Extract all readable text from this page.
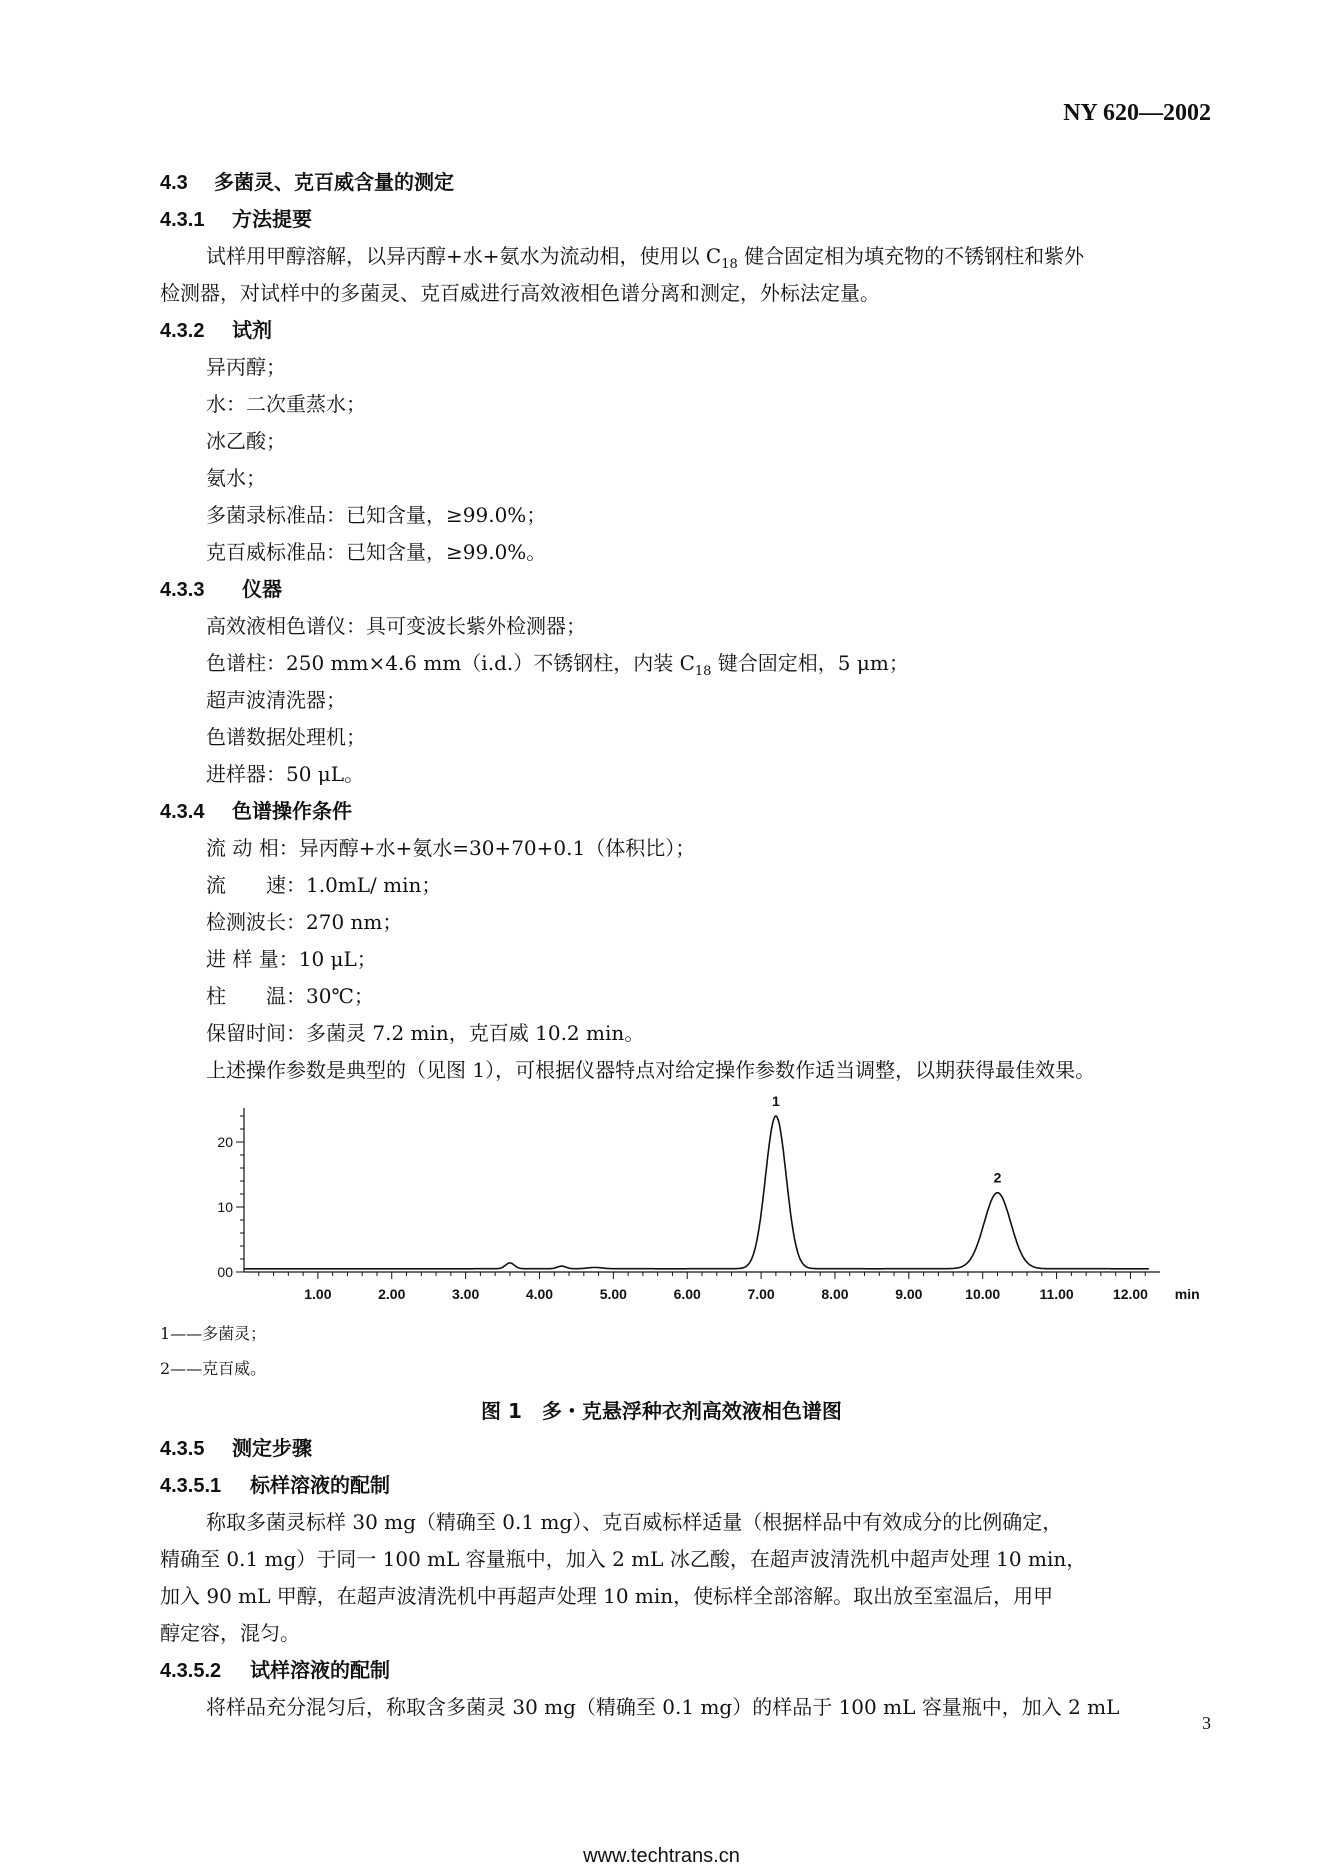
NY 620—2002
4.3 多菌灵、克百威含量的测定
4.3.1 方法提要
试样用甲醇溶解，以异丙醇+水+氨水为流动相，使用以 $C_{18}$ 健合固定相为填充物的不锈钢柱和紫外
检测器，对试样中的多菌灵、克百威进行高效液相色谱分离和测定，外标法定量。
4.3.2 试剂
异丙醇；
水：二次重蒸水；
冰乙酸；
氨水；
多菌录标准品：已知含量，≥99.0%；
克百威标准品：已知含量，≥99.0%。
4.3.3 仪器
高效液相色谱仪：具可变波长紫外检测器；
色谱柱：250 mm×4.6 mm（i.d.）不锈钢柱，内装 $C_{18}$ 键合固定相，5 μm；
超声波清洗器；
色谱数据处理机；
进样器：50 μL。
4.3.4 色谱操作条件
流 动 相：异丙醇+水+氨水=30+70+0.1（体积比）；
流　　速：1.0mL/ min；
检测波长：270 nm；
进 样 量：10 μL；
柱　　温：30℃；
保留时间：多菌灵 7.2 min，克百威 10.2 min。
上述操作参数是典型的（见图 1），可根据仪器特点对给定操作参数作适当调整，以期获得最佳效果。
1.00	2.00	3.00	4.00	5.00	6.00	7.00	8.00	9.00	10.00	11.00	12.00 min
00
10
20
1
2
1——多菌灵；
2——克百威。
图 1　多・克悬浮种衣剂高效液相色谱图
4.3.5 测定步骤
4.3.5.1 标样溶液的配制
称取多菌灵标样 30 mg（精确至 0.1 mg）、克百威标样适量（根据样品中有效成分的比例确定，
精确至 0.1 mg）于同一 100 mL 容量瓶中，加入 2 mL 冰乙酸，在超声波清洗机中超声处理 10 min，
加入 90 mL 甲醇，在超声波清洗机中再超声处理 10 min，使标样全部溶解。取出放至室温后，用甲
醇定容，混匀。
4.3.5.2 试样溶液的配制
将样品充分混匀后，称取含多菌灵 30 mg（精确至 0.1 mg）的样品于 100 mL 容量瓶中，加入 2 mL
3
www.techtrans.cn
